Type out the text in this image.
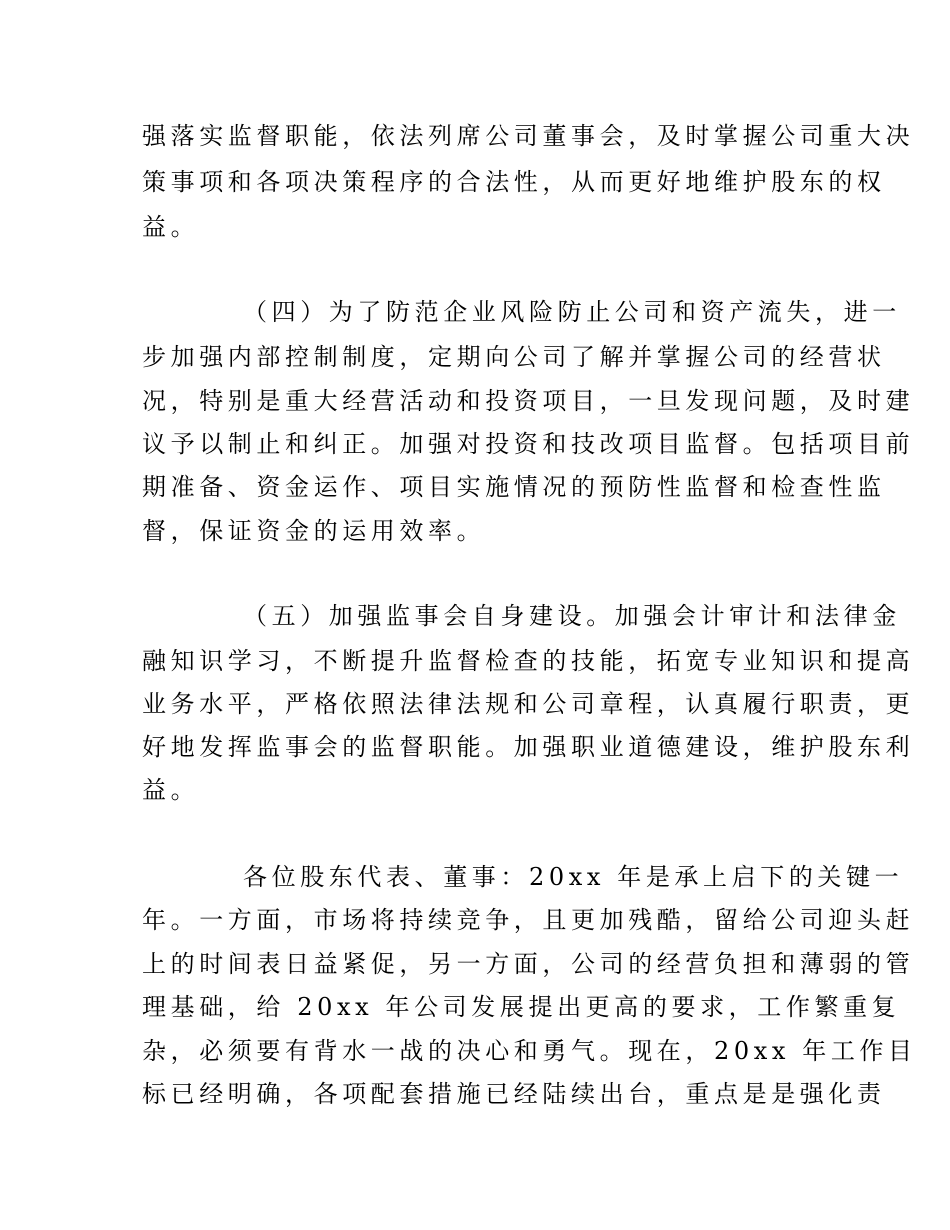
强落实监督职能，依法列席公司董事会，及时掌握公司重大决
策事项和各项决策程序的合法性，从而更好地维护股东的权
益。
（四）为了防范企业风险防止公司和资产流失，进一
步加强内部控制制度，定期向公司了解并掌握公司的经营状
况，特别是重大经营活动和投资项目，一旦发现问题，及时建
议予以制止和纠正。加强对投资和技改项目监督。包括项目前
期准备、资金运作、项目实施情况的预防性监督和检查性监
督，保证资金的运用效率。
（五）加强监事会自身建设。加强会计审计和法律金
融知识学习，不断提升监督检查的技能，拓宽专业知识和提高
业务水平，严格依照法律法规和公司章程，认真履行职责，更
好地发挥监事会的监督职能。加强职业道德建设，维护股东利
益。
各位股东代表、董事：20xx 年是承上启下的关键一
年。一方面，市场将持续竞争，且更加残酷，留给公司迎头赶
上的时间表日益紧促，另一方面，公司的经营负担和薄弱的管
理基础，给 20xx 年公司发展提出更高的要求，工作繁重复
杂，必须要有背水一战的决心和勇气。现在，20xx 年工作目
标已经明确，各项配套措施已经陆续出台，重点是是强化责
